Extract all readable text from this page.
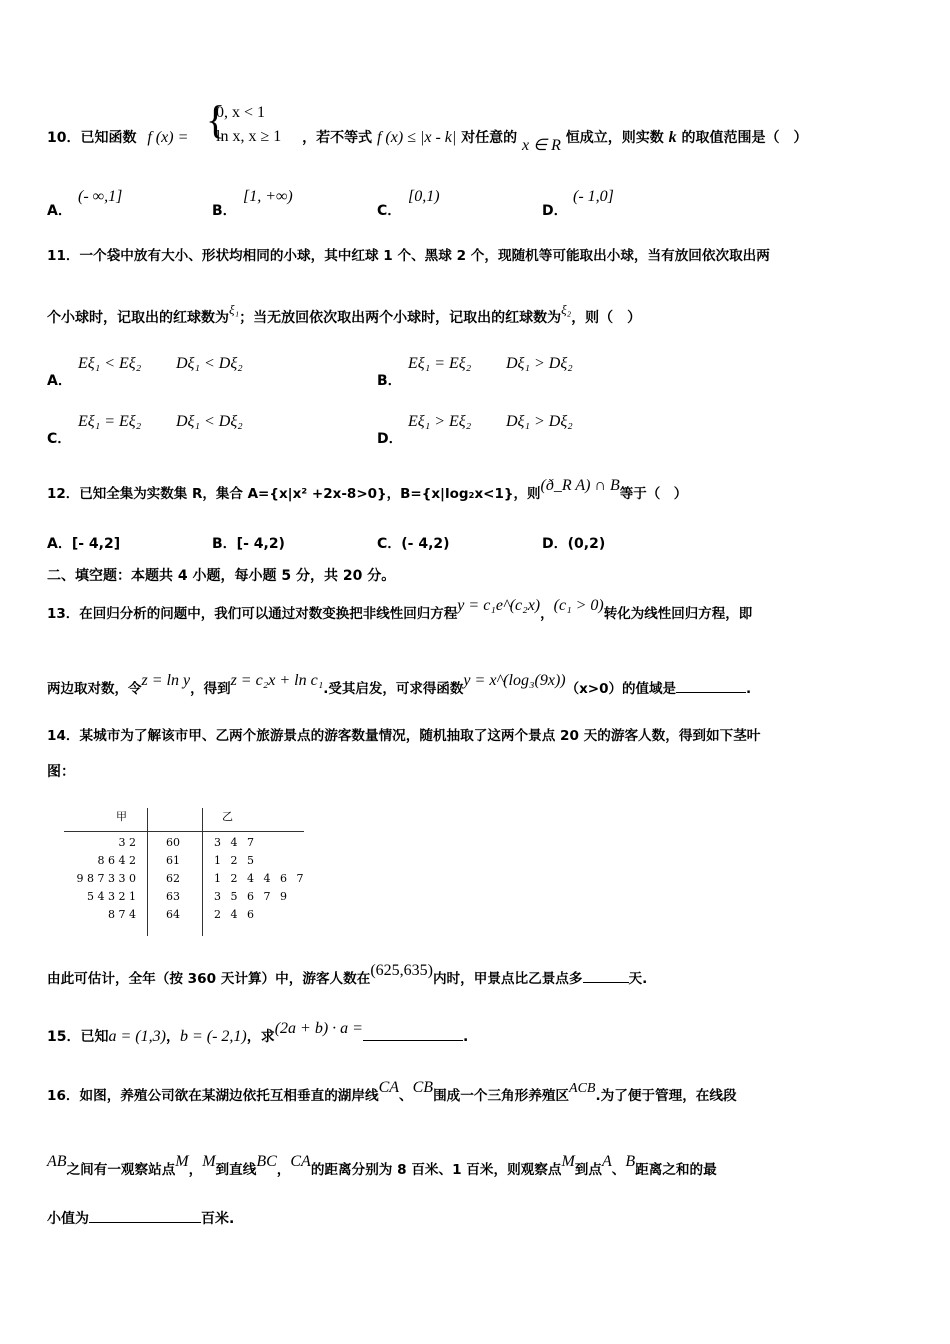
10．已知函数 f (x) =	，若不等式 f (x) ≤ |x - k| 对任意的 x ∈ R 恒成立，则实数 k 的取值范围是（　）
{
0, x < 1
ln x, x ≥ 1
A．
(- ∞,1]
B．
[1, +∞)
C．
[0,1)
D．
(- 1,0]
11．一个袋中放有大小、形状均相同的小球，其中红球 1 个、黑球 2 个，现随机等可能取出小球，当有放回依次取出两
个小球时，记取出的红球数为ξ₁；当无放回依次取出两个小球时，记取出的红球数为ξ₂，则（　）
A．
Eξ₁ < Eξ₂ Dξ₁ < Dξ₂
B．
Eξ₁ = Eξ₂ Dξ₁ > Dξ₂
C．
Eξ₁ = Eξ₂ Dξ₁ < Dξ₂
D．
Eξ₁ > Eξ₂ Dξ₁ > Dξ₂
12．已知全集为实数集 R，集合 A={x|x² +2x-8>0}，B={x|log₂x<1}，则(ð_R A) ∩ B等于（　）
A．[- 4,2]	B．[- 4,2)	C．(- 4,2)	D．(0,2)
二、填空题：本题共 4 小题，每小题 5 分，共 20 分。
13．在回归分析的问题中，我们可以通过对数变换把非线性回归方程y = c₁e^(c₂x)，(c₁ > 0)转化为线性回归方程，即
两边取对数，令z = ln y，得到z = c₂x + ln c₁.受其启发，可求得函数y = x^(log₃(9x))（x>0）的值域是	.
14．某城市为了解该市甲、乙两个旅游景点的游客数量情况，随机抽取了这两个景点 20 天的游客人数，得到如下茎叶
图：
甲	乙
3 2	60	3 4 7
8 6 4 2	61	1 2 5
9 8 7 3 3 0	62	1 2 4 4 6 7
5 4 3 2 1	63	3 5 6 7 9
8 7 4	64	2 4 6
由此可估计，全年（按 360 天计算）中，游客人数在(625,635)内时，甲景点比乙景点多	天.
15．已知a = (1,3)，b = (- 2,1)，求(2a + b) · a =	.
16．如图，养殖公司欲在某湖边依托互相垂直的湖岸线CA、CB围成一个三角形养殖区ACB.为了便于管理，在线段
AB之间有一观察站点M，M到直线BC，CA的距离分别为 8 百米、1 百米，则观察点M到点A、B距离之和的最
小值为	百米.
